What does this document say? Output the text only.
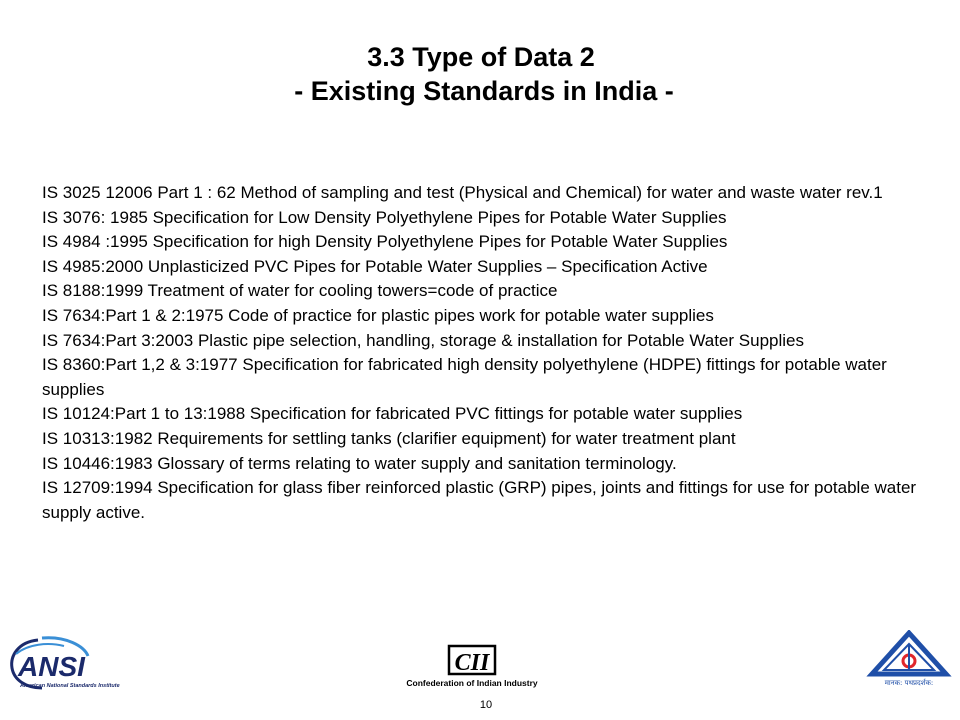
3.3 Type of Data 2
- Existing Standards in India -
IS 3025 12006 Part 1 : 62 Method of sampling and test (Physical and Chemical) for water and waste water rev.1
IS 3076: 1985 Specification for Low Density Polyethylene Pipes for Potable Water Supplies
IS 4984 :1995 Specification for high Density Polyethylene Pipes for Potable Water Supplies
IS 4985:2000 Unplasticized PVC Pipes for Potable Water Supplies – Specification Active
IS 8188:1999 Treatment of water for cooling towers=code of practice
IS 7634:Part 1 & 2:1975 Code of practice for plastic pipes work for potable water supplies
IS 7634:Part 3:2003 Plastic pipe selection, handling, storage & installation for Potable Water Supplies
IS 8360:Part 1,2 & 3:1977 Specification for fabricated high density polyethylene (HDPE) fittings for potable water supplies
IS 10124:Part 1 to 13:1988 Specification for fabricated PVC fittings for potable water supplies
IS 10313:1982 Requirements for settling tanks (clarifier equipment) for water treatment plant
IS 10446:1983 Glossary of terms relating to water supply and sanitation terminology.
IS 12709:1994 Specification for glass fiber reinforced plastic (GRP) pipes, joints and fittings for use for potable water supply active.
ANSI
American National Standards Institute
CII
Confederation of Indian Industry	मानक: पथप्रदर्शक:
10
